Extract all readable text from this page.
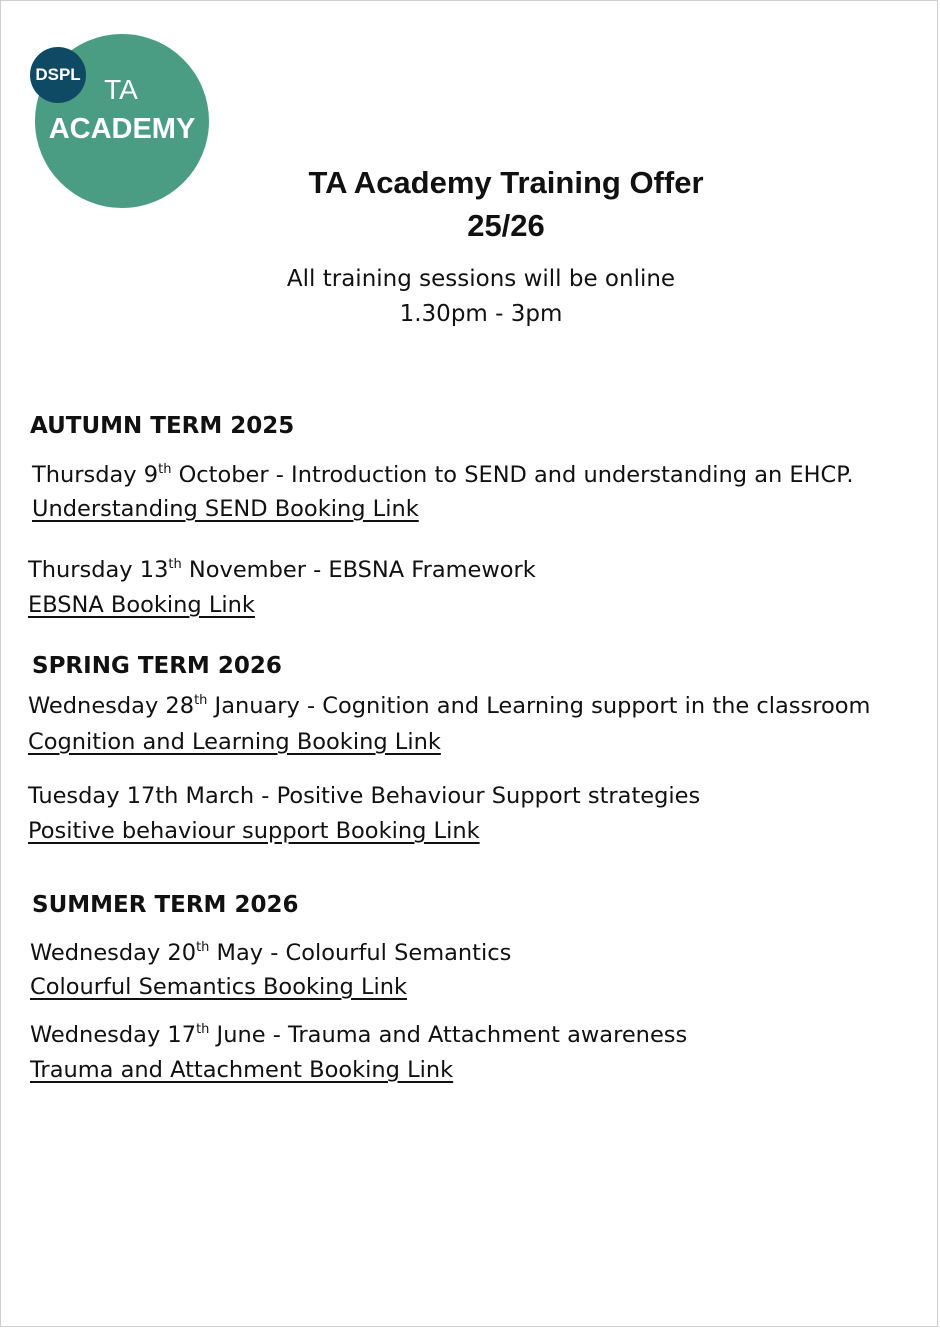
TA
ACADEMY
DSPL
TA Academy Training Offer
25/26
All training sessions will be online
1.30pm - 3pm
AUTUMN TERM 2025
Thursday 9th October - Introduction to SEND and understanding an EHCP.
Understanding SEND Booking Link
Thursday 13th November - EBSNA Framework
EBSNA Booking Link
SPRING TERM 2026
Wednesday 28th January - Cognition and Learning support in the classroom
Cognition and Learning Booking Link
Tuesday 17th March - Positive Behaviour Support strategies
Positive behaviour support Booking Link
SUMMER TERM 2026
Wednesday 20th May - Colourful Semantics
Colourful Semantics Booking Link
Wednesday 17th June - Trauma and Attachment awareness
Trauma and Attachment Booking Link
